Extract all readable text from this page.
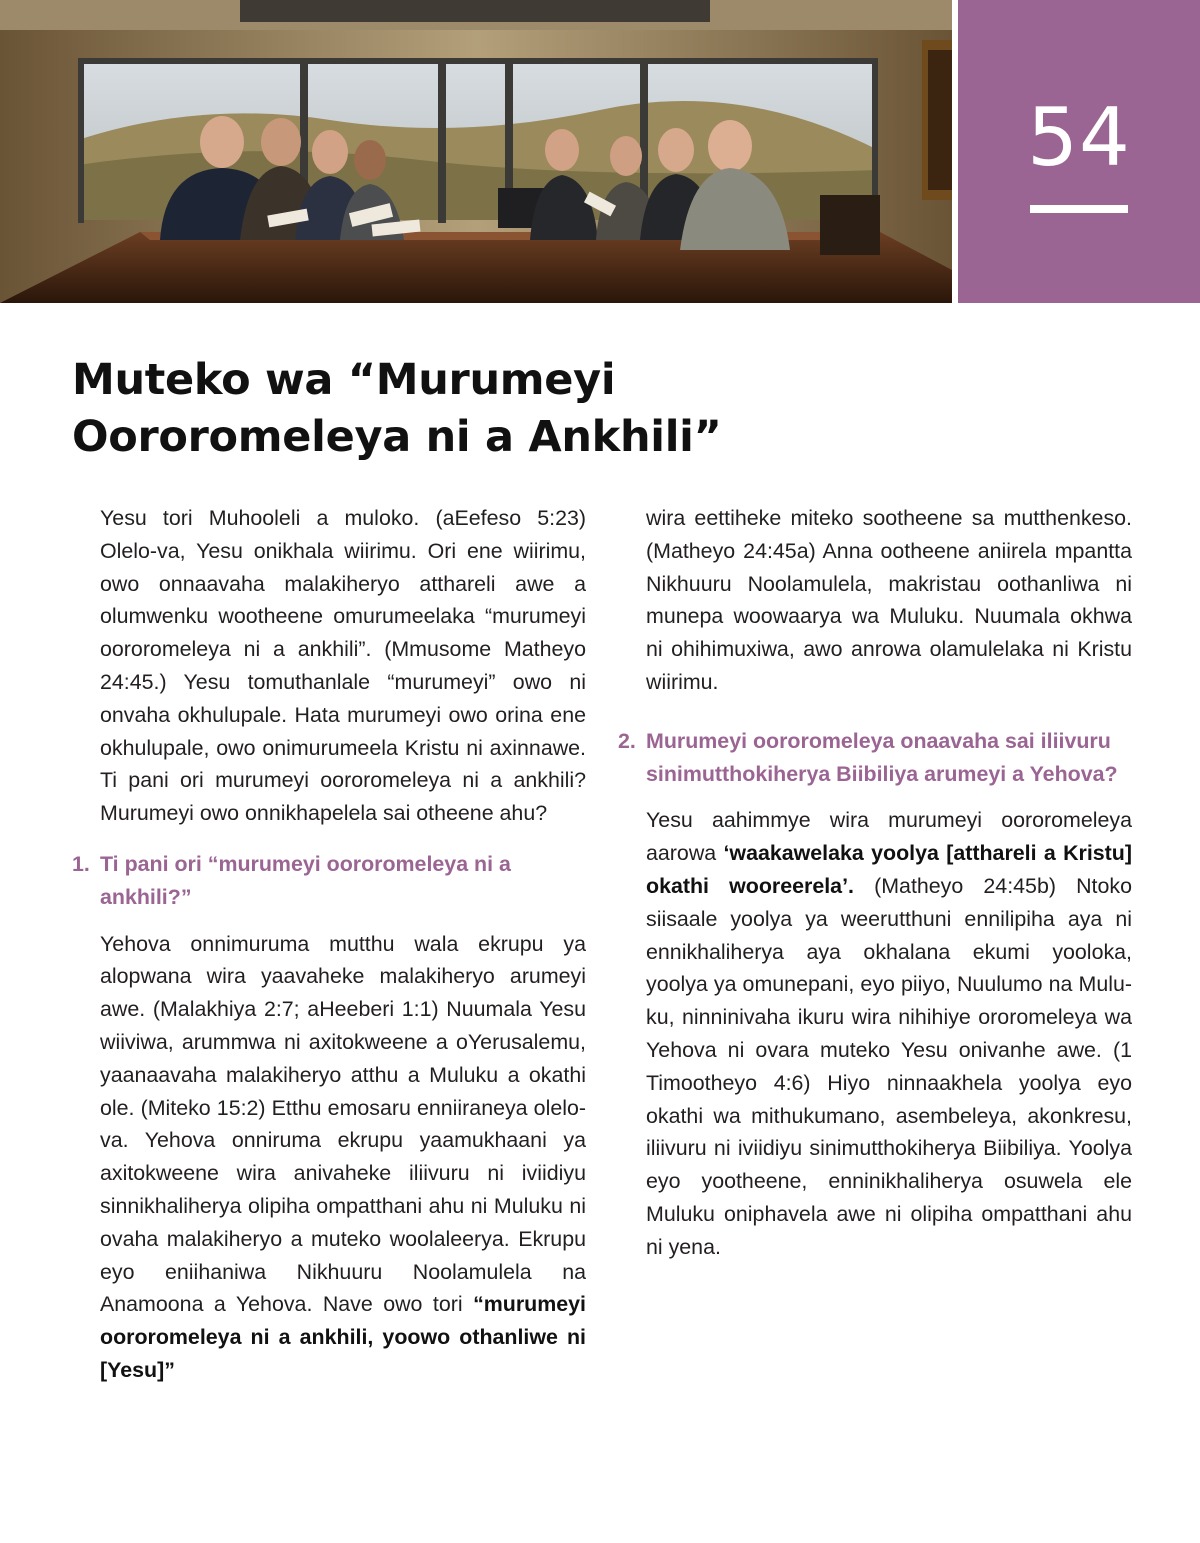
54
Muteko wa “Murumeyi
Oororomeleya ni a Ankhili”

Yesu tori Muhooleli a muloko. (aEefeso 5:23) Olelo-va, Yesu onikhala wiirimu. Ori ene wiirimu, owo onnaavaha malakiheryo atthareli awe a olumwenku wootheene omurumeelaka “murumeyi oororomeleya ni a ankhili”. (Mmusome Matheyo 24:45.) Yesu tomuthanlale “murumeyi” owo ni onvaha okhulupale. Hata murumeyi owo orina ene okhulupale, owo onimurumeela Kristu ni axinnawe. Ti pani ori murumeyi oororomeleya ni a ankhili? Murumeyi owo onnikhapelela sai otheene ahu?

1. Ti pani ori “murumeyi oororomeleya ni a ankhili?”

Yehova onnimuruma mutthu wala ekrupu ya alopwana wira yaavaheke malakiheryo arumeyi awe. (Malakhiya 2:7; aHeeberi 1:1) Nuumala Yesu wiiviwa, arummwa ni axitokweene a oYerusalemu, yaanaavaha malakiheryo atthu a Muluku a okathi ole. (Miteko 15:2) Etthu emosaru enniiraneya olelo-va. Yehova onniruma ekrupu yaamukhaani ya axitokweene wira anivaheke iliivuru ni iviidiyu sinnikhaliherya olipiha ompatthani ahu ni Muluku ni ovaha malakiheryo a muteko woolaleerya. Ekrupu eyo eniihaniwa Nikhuuru Noolamulela na Anamoona a Yehova. Nave owo tori “murumeyi oororomeleya ni a ankhili, yoowo othanliwe ni [Yesu]”

wira eettiheke miteko sootheene sa mutthenkeso. (Matheyo 24:45a) Anna ootheene aniirela mpantta Nikhuuru Noolamulela, makristau oothanliwa ni munepa woowaarya wa Muluku. Nuumala okhwa ni ohihimuxiwa, awo anrowa olamulelaka ni Kristu wiirimu.

2. Murumeyi oororomeleya onaavaha sai iliivuru sinimutthokiherya Biibiliya arumeyi a Yehova?

Yesu aahimmye wira murumeyi oororomeleya aarowa ‘waakawelaka yoolya [atthareli a Kristu] okathi wooreerela’. (Matheyo 24:45b) Ntoko siisaale yoolya ya weerutthuni ennilipiha aya ni ennikhaliherya aya okhalana ekumi yooloka, yoolya ya omunepani, eyo piiyo, Nuulumo na Muluku, ninninivaha ikuru wira nihihiye ororomeleya wa Yehova ni ovara muteko Yesu onivanhe awe. (1 Timootheyo 4:6) Hiyo ninnaakhela yoolya eyo okathi wa mithukumano, asembeleya, akonkresu, iliivuru ni iviidiyu sinimutthokiherya Biibiliya. Yoolya eyo yootheene, enninikhaliherya osuwela ele Muluku oniphavela awe ni olipiha ompatthani ahu ni yena.
